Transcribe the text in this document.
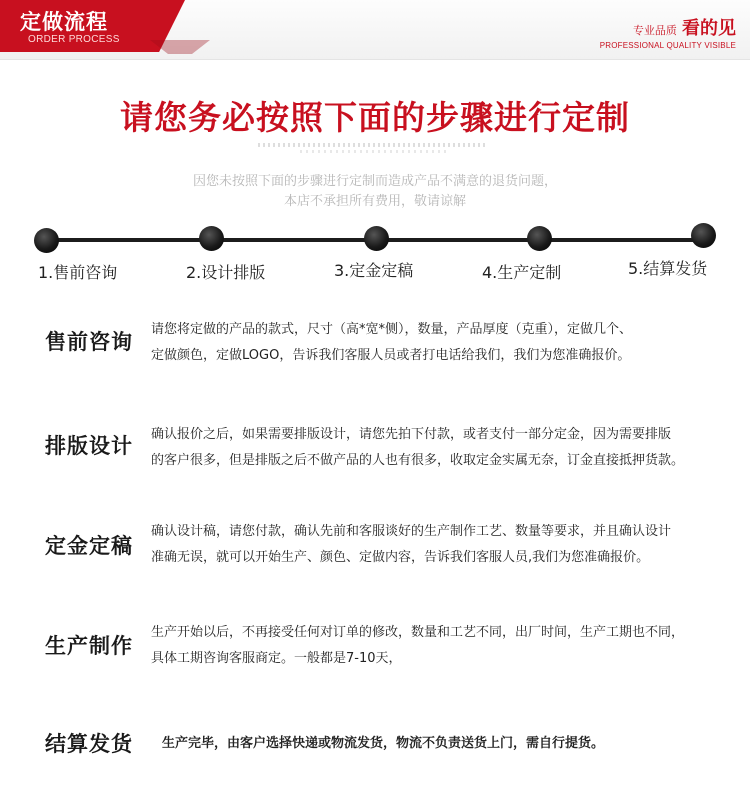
定做流程
ORDER PROCESS
专业品质 看的见
PROFESSIONAL QUALITY VISIBLE
请您务必按照下面的步骤进行定制
因您未按照下面的步骤进行定制而造成产品不满意的退货问题，
本店不承担所有费用，敬请谅解
1.售前咨询	2.设计排版	3.定金定稿	4.生产定制	5.结算发货
售前咨询
请您将定做的产品的款式，尺寸（高*宽*侧），数量，产品厚度（克重），定做几个、
定做颜色，定做LOGO，告诉我们客服人员或者打电话给我们，我们为您准确报价。
排版设计 确认报价之后，如果需要排版设计，请您先拍下付款，或者支付一部分定金，因为需要排版
的客户很多，但是排版之后不做产品的人也有很多，收取定金实属无奈，订金直接抵押货款。
定金定稿
确认设计稿，请您付款，确认先前和客服谈好的生产制作工艺、数量等要求，并且确认设计
准确无误，就可以开始生产、颜色、定做内容，告诉我们客服人员,我们为您准确报价。
生产制作
生产开始以后，不再接受任何对订单的修改，数量和工艺不同，出厂时间，生产工期也不同，
具体工期咨询客服商定。一般都是7-10天，
结算发货 生产完毕，由客户选择快递或物流发货，物流不负责送货上门，需自行提货。
